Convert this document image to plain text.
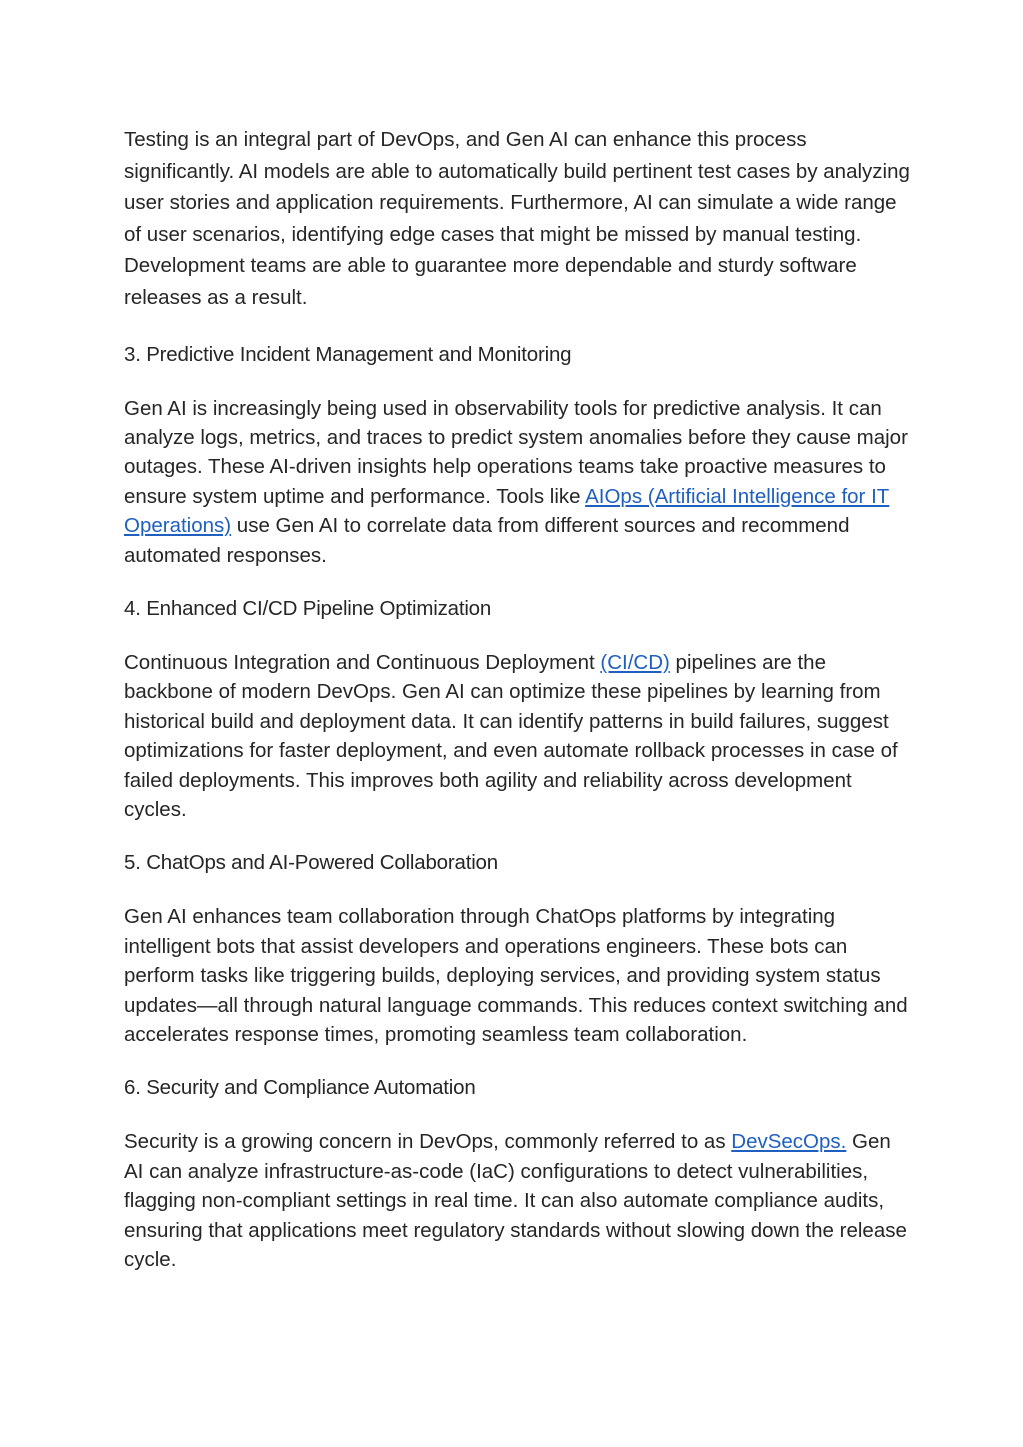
Testing is an integral part of DevOps, and Gen AI can enhance this process significantly. AI models are able to automatically build pertinent test cases by analyzing user stories and application requirements. Furthermore, AI can simulate a wide range of user scenarios, identifying edge cases that might be missed by manual testing. Development teams are able to guarantee more dependable and sturdy software releases as a result.

3. Predictive Incident Management and Monitoring

Gen AI is increasingly being used in observability tools for predictive analysis. It can analyze logs, metrics, and traces to predict system anomalies before they cause major outages. These AI-driven insights help operations teams take proactive measures to ensure system uptime and performance. Tools like AIOps (Artificial Intelligence for IT Operations) use Gen AI to correlate data from different sources and recommend automated responses.

4. Enhanced CI/CD Pipeline Optimization

Continuous Integration and Continuous Deployment (CI/CD) pipelines are the backbone of modern DevOps. Gen AI can optimize these pipelines by learning from historical build and deployment data. It can identify patterns in build failures, suggest optimizations for faster deployment, and even automate rollback processes in case of failed deployments. This improves both agility and reliability across development cycles.

5. ChatOps and AI-Powered Collaboration

Gen AI enhances team collaboration through ChatOps platforms by integrating intelligent bots that assist developers and operations engineers. These bots can perform tasks like triggering builds, deploying services, and providing system status updates—all through natural language commands. This reduces context switching and accelerates response times, promoting seamless team collaboration.

6. Security and Compliance Automation

Security is a growing concern in DevOps, commonly referred to as DevSecOps. Gen AI can analyze infrastructure-as-code (IaC) configurations to detect vulnerabilities, flagging non-compliant settings in real time. It can also automate compliance audits, ensuring that applications meet regulatory standards without slowing down the release cycle.
